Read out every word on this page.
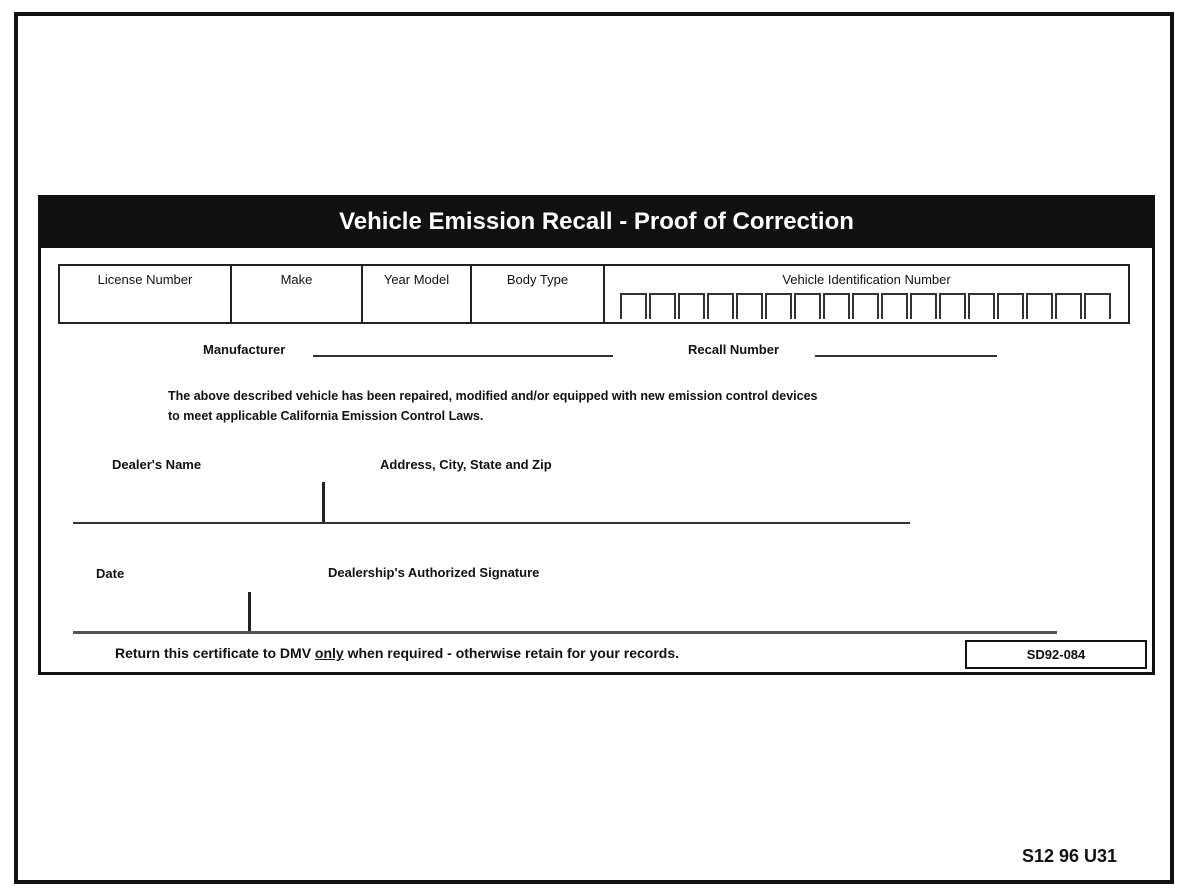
Vehicle Emission Recall - Proof of Correction
License Number	Make	Year Model	Body Type	Vehicle Identification Number
Manufacturer	Recall Number
The above described vehicle has been repaired, modified and/or equipped with new emission control devices
to meet applicable California Emission Control Laws.
Dealer's Name	Address, City, State and Zip
Date	Dealership's Authorized Signature
Return this certificate to DMV only when required - otherwise retain for your records.	SD92-084
S12 96 U31
